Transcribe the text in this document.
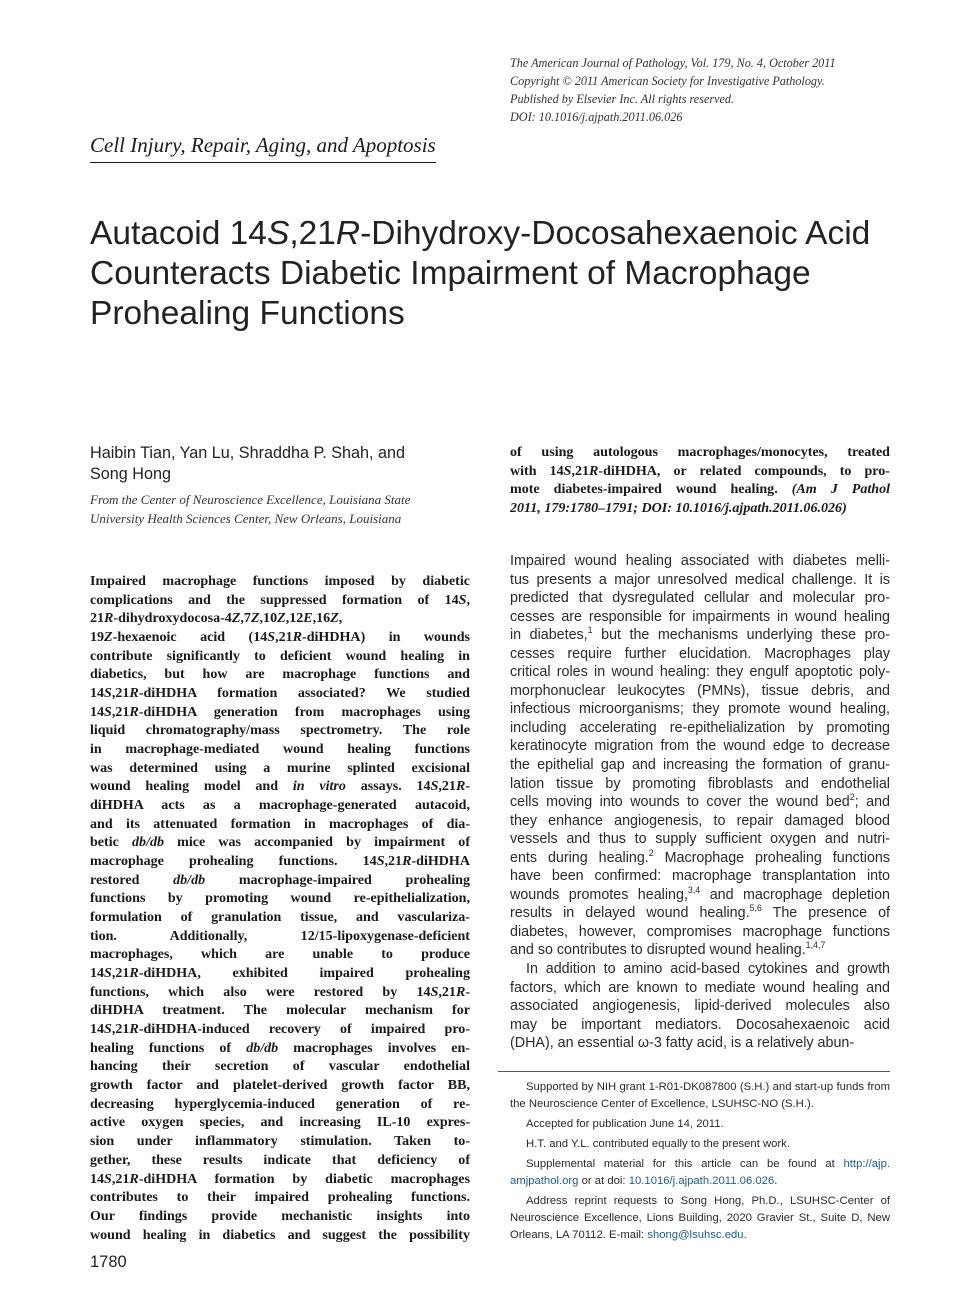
The American Journal of Pathology, Vol. 179, No. 4, October 2011
Copyright © 2011 American Society for Investigative Pathology.
Published by Elsevier Inc. All rights reserved.
DOI: 10.1016/j.ajpath.2011.06.026
Cell Injury, Repair, Aging, and Apoptosis
Autacoid 14S,21R-Dihydroxy-Docosahexaenoic Acid
Counteracts Diabetic Impairment of Macrophage
Prohealing Functions
Haibin Tian, Yan Lu, Shraddha P. Shah, and
Song Hong
From the Center of Neuroscience Excellence, Louisiana State
University Health Sciences Center, New Orleans, Louisiana
Impaired macrophage functions imposed by diabetic
complications and the suppressed formation of 14S,
21R-dihydroxydocosa-4Z,7Z,10Z,12E,16Z,
19Z-hexaenoic acid (14S,21R-diHDHA) in wounds
contribute significantly to deficient wound healing in
diabetics, but how are macrophage functions and
14S,21R-diHDHA formation associated? We studied
14S,21R-diHDHA generation from macrophages using
liquid chromatography/mass spectrometry. The role
in macrophage-mediated wound healing functions
was determined using a murine splinted excisional
wound healing model and in vitro assays. 14S,21R-
diHDHA acts as a macrophage-generated autacoid,
and its attenuated formation in macrophages of dia-
betic db/db mice was accompanied by impairment of
macrophage prohealing functions. 14S,21R-diHDHA
restored db/db macrophage-impaired prohealing
functions by promoting wound re-epithelialization,
formulation of granulation tissue, and vasculariza-
tion. Additionally, 12/15-lipoxygenase-deficient
macrophages, which are unable to produce
14S,21R-diHDHA, exhibited impaired prohealing
functions, which also were restored by 14S,21R-
diHDHA treatment. The molecular mechanism for
14S,21R-diHDHA-induced recovery of impaired pro-
healing functions of db/db macrophages involves en-
hancing their secretion of vascular endothelial
growth factor and platelet-derived growth factor BB,
decreasing hyperglycemia-induced generation of re-
active oxygen species, and increasing IL-10 expres-
sion under inflammatory stimulation. Taken to-
gether, these results indicate that deficiency of
14S,21R-diHDHA formation by diabetic macrophages
contributes to their impaired prohealing functions.
Our findings provide mechanistic insights into
wound healing in diabetics and suggest the possibility
of using autologous macrophages/monocytes, treated
with 14S,21R-diHDHA, or related compounds, to pro-
mote diabetes-impaired wound healing. (Am J Pathol
2011, 179:1780–1791; DOI: 10.1016/j.ajpath.2011.06.026)
Impaired wound healing associated with diabetes melli-
tus presents a major unresolved medical challenge. It is
predicted that dysregulated cellular and molecular pro-
cesses are responsible for impairments in wound healing
in diabetes,$^1$ but the mechanisms underlying these pro-
cesses require further elucidation. Macrophages play
critical roles in wound healing: they engulf apoptotic poly-
morphonuclear leukocytes (PMNs), tissue debris, and
infectious microorganisms; they promote wound healing,
including accelerating re-epithelialization by promoting
keratinocyte migration from the wound edge to decrease
the epithelial gap and increasing the formation of granu-
lation tissue by promoting fibroblasts and endothelial
cells moving into wounds to cover the wound bed$^2$; and
they enhance angiogenesis, to repair damaged blood
vessels and thus to supply sufficient oxygen and nutri-
ents during healing.$^2$ Macrophage prohealing functions
have been confirmed: macrophage transplantation into
wounds promotes healing,$^{3,4}$ and macrophage depletion
results in delayed wound healing.$^{5,6}$ The presence of
diabetes, however, compromises macrophage functions
and so contributes to disrupted wound healing.$^{1,4,7}$
In addition to amino acid-based cytokines and growth
factors, which are known to mediate wound healing and
associated angiogenesis, lipid-derived molecules also
may be important mediators. Docosahexaenoic acid
(DHA), an essential ω-3 fatty acid, is a relatively abun-
Supported by NIH grant 1-R01-DK087800 (S.H.) and start-up funds from
the Neuroscience Center of Excellence, LSUHSC-NO (S.H.).
Accepted for publication June 14, 2011.
H.T. and Y.L. contributed equally to the present work.
Supplemental material for this article can be found at http://ajp.
amjpathol.org or at doi: 10.1016/j.ajpath.2011.06.026.
Address reprint requests to Song Hong, Ph.D., LSUHSC-Center of
Neuroscience Excellence, Lions Building, 2020 Gravier St., Suite D, New
Orleans, LA 70112. E-mail: shong@lsuhsc.edu.
1780
